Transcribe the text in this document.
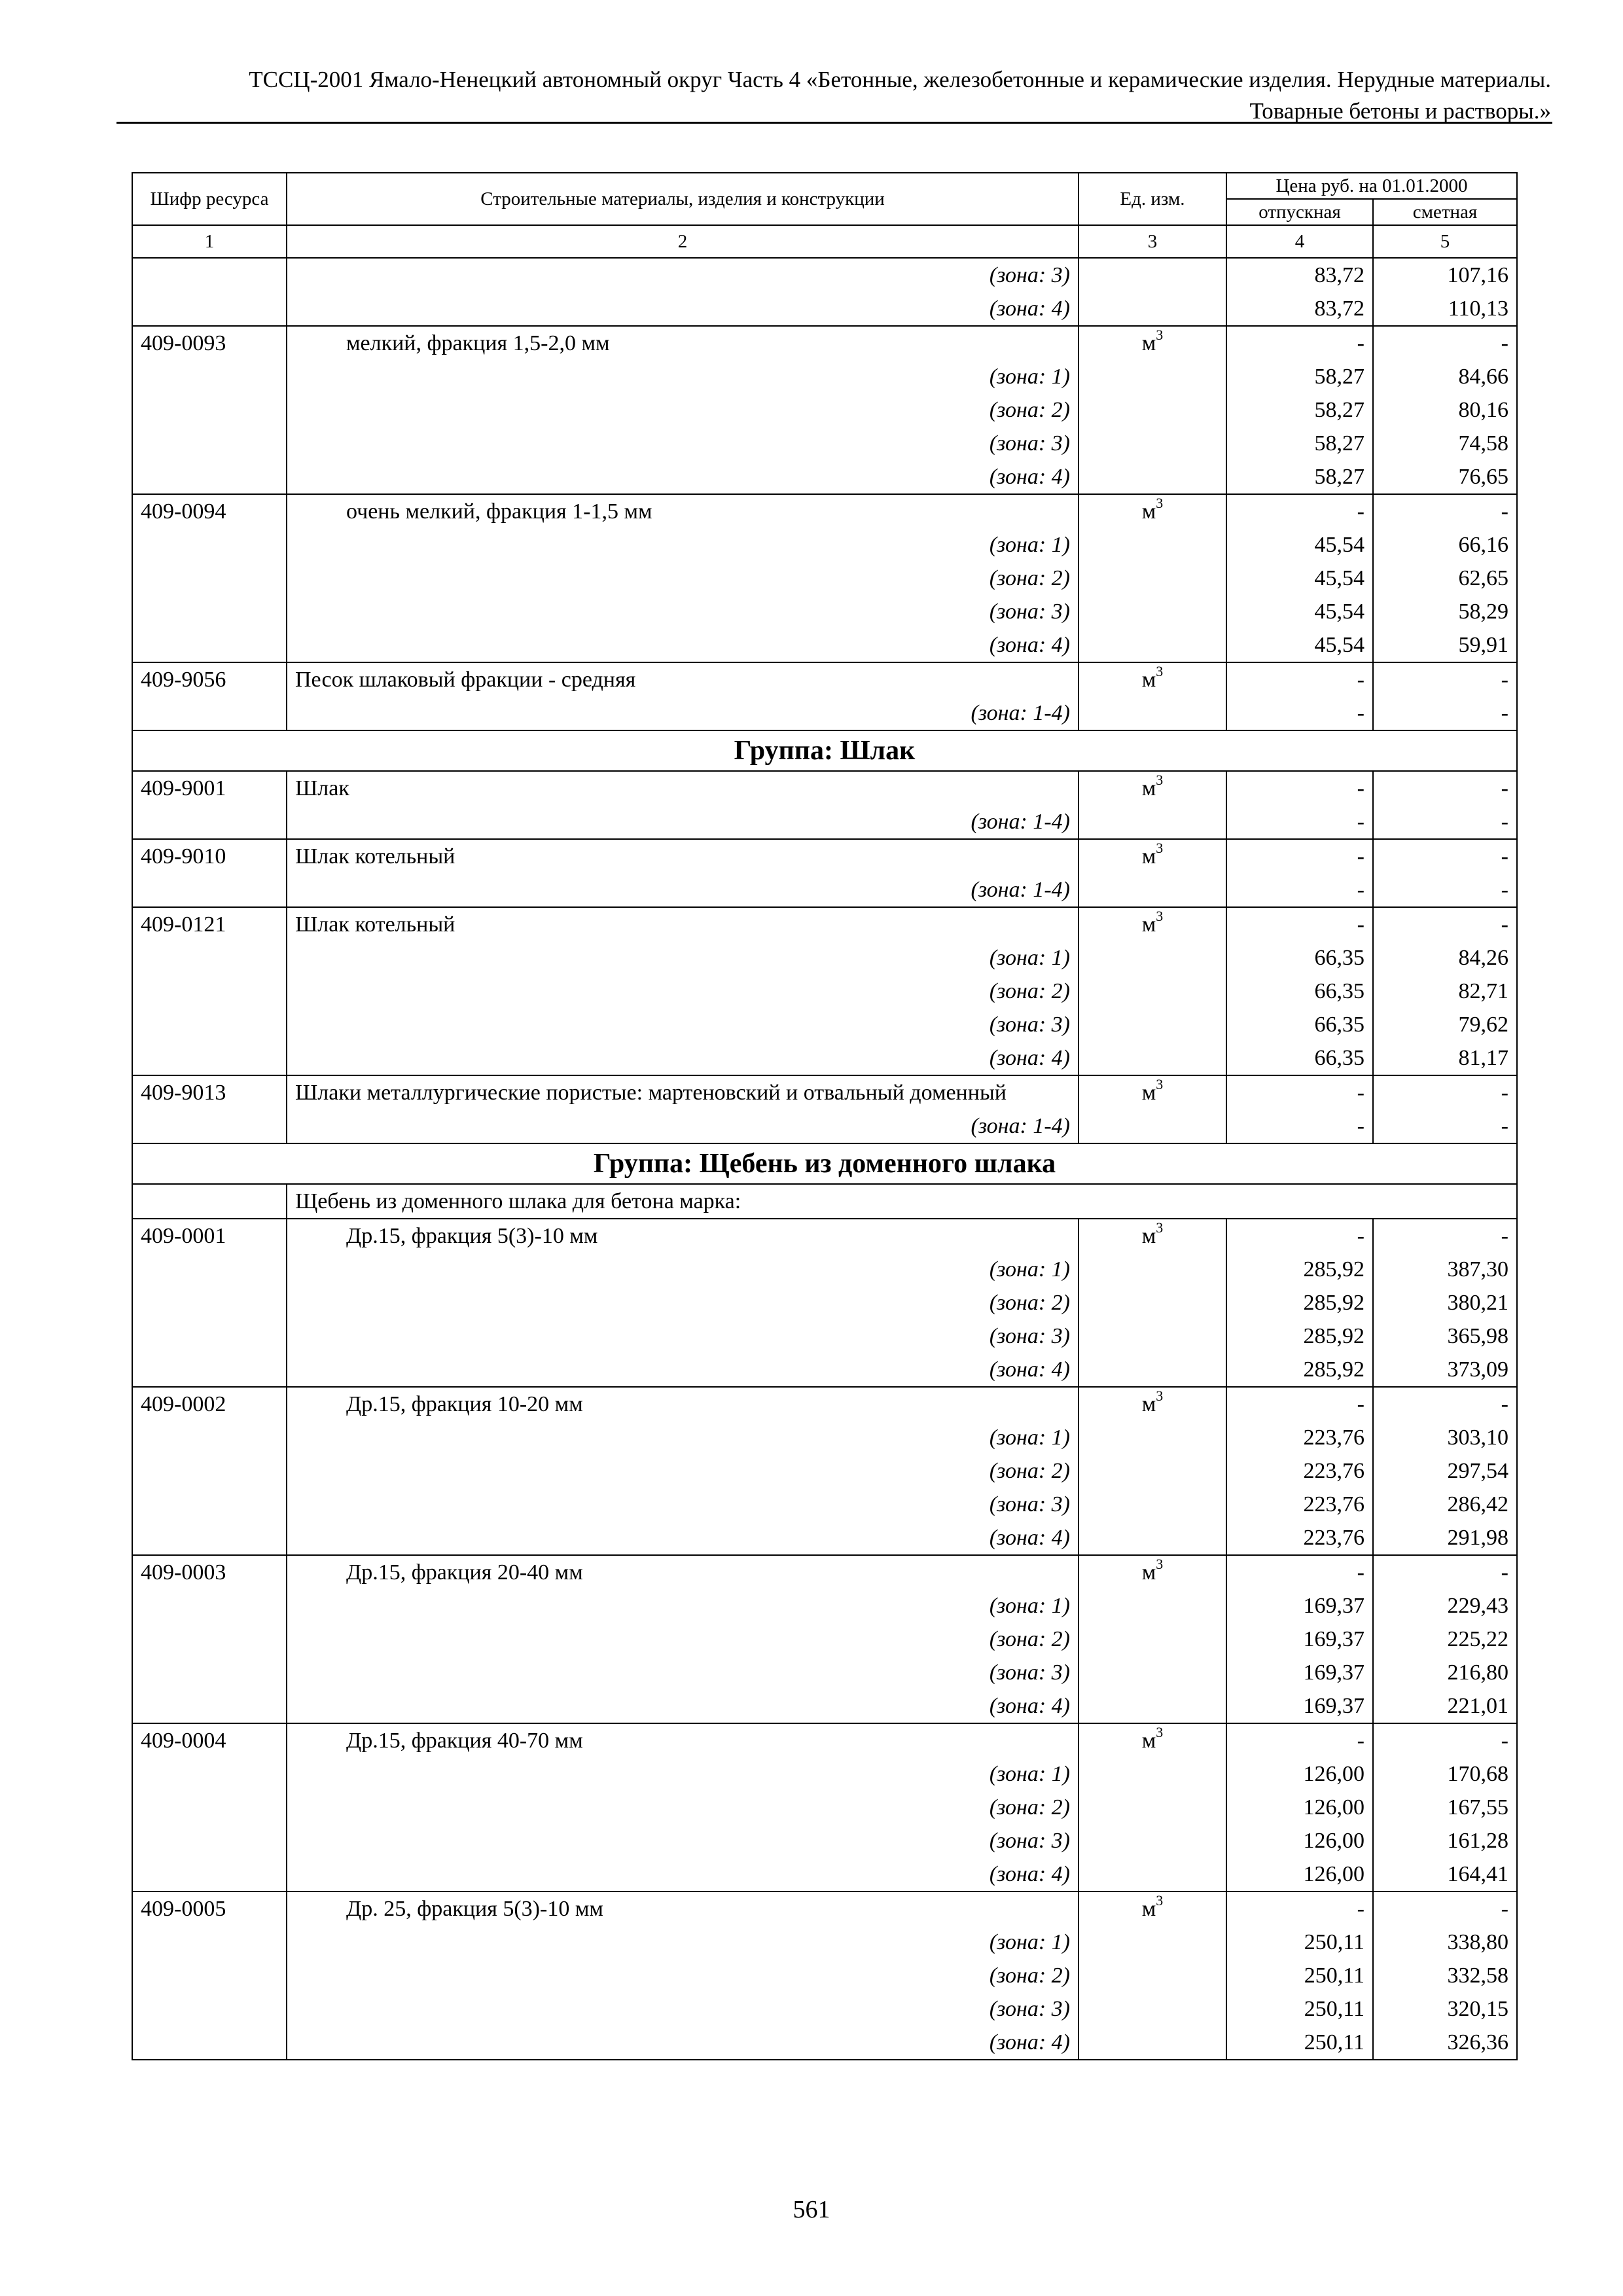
ТССЦ-2001 Ямало-Ненецкий автономный округ Часть 4 «Бетонные, железобетонные и керамические изделия. Нерудные материалы.
Товарные бетоны и растворы.»
Шифр ресурса	Строительные материалы, изделия и конструкции	Ед. изм.	Цена руб. на 01.01.2000	
			отпускная	сметная
1	2	3	4	5
	(зона: 3)		83,72	107,16
	(зона: 4)		83,72	110,13
409-0093	мелкий, фракция 1,5-2,0 мм	$м^3$	-	-
	(зона: 1)		58,27	84,66
	(зона: 2)		58,27	80,16
	(зона: 3)		58,27	74,58
	(зона: 4)		58,27	76,65
409-0094	очень мелкий, фракция 1-1,5 мм	$м^3$	-	-
	(зона: 1)		45,54	66,16
	(зона: 2)		45,54	62,65
	(зона: 3)		45,54	58,29
	(зона: 4)		45,54	59,91
409-9056	Песок шлаковый фракции - средняя	$м^3$	-	-
	(зона: 1-4)		-	-
Группа: Шлак				
409-9001	Шлак	$м^3$	-	-
	(зона: 1-4)		-	-
409-9010	Шлак котельный	$м^3$	-	-
	(зона: 1-4)		-	-
409-0121	Шлак котельный	$м^3$	-	-
	(зона: 1)		66,35	84,26
	(зона: 2)		66,35	82,71
	(зона: 3)		66,35	79,62
	(зона: 4)		66,35	81,17
409-9013	Шлаки металлургические пористые: мартеновский и отвальный доменный	$м^3$	-	-
	(зона: 1-4)		-	-
Группа: Щебень из доменного шлака				
	Щебень из доменного шлака для бетона марка:			
409-0001	Др.15, фракция 5(3)-10 мм	$м^3$	-	-
	(зона: 1)		285,92	387,30
	(зона: 2)		285,92	380,21
	(зона: 3)		285,92	365,98
	(зона: 4)		285,92	373,09
409-0002	Др.15, фракция 10-20 мм	$м^3$	-	-
	(зона: 1)		223,76	303,10
	(зона: 2)		223,76	297,54
	(зона: 3)		223,76	286,42
	(зона: 4)		223,76	291,98
409-0003	Др.15, фракция 20-40 мм	$м^3$	-	-
	(зона: 1)		169,37	229,43
	(зона: 2)		169,37	225,22
	(зона: 3)		169,37	216,80
	(зона: 4)		169,37	221,01
409-0004	Др.15, фракция 40-70 мм	$м^3$	-	-
	(зона: 1)		126,00	170,68
	(зона: 2)		126,00	167,55
	(зона: 3)		126,00	161,28
	(зона: 4)		126,00	164,41
409-0005	Др. 25, фракция 5(3)-10 мм	$м^3$	-	-
	(зона: 1)		250,11	338,80
	(зона: 2)		250,11	332,58
	(зона: 3)		250,11	320,15
	(зона: 4)		250,11	326,36
561
